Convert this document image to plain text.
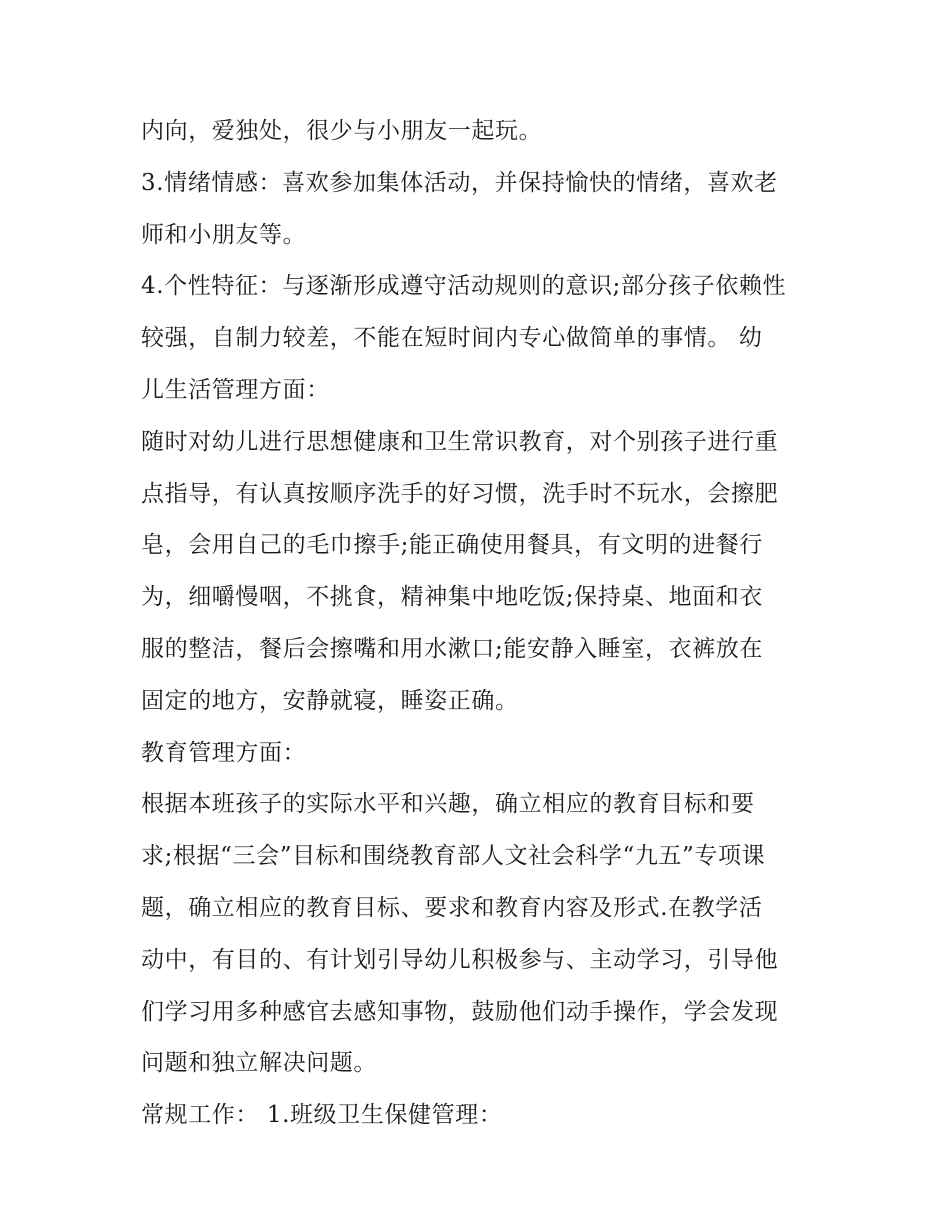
内向，爱独处，很少与小朋友一起玩。
3.情绪情感：喜欢参加集体活动，并保持愉快的情绪，喜欢老
师和小朋友等。
4.个性特征：与逐渐形成遵守活动规则的意识;部分孩子依赖性
较强，自制力较差，不能在短时间内专心做简单的事情。 幼
儿生活管理方面：
随时对幼儿进行思想健康和卫生常识教育，对个别孩子进行重
点指导，有认真按顺序洗手的好习惯，洗手时不玩水，会擦肥
皂，会用自己的毛巾擦手;能正确使用餐具，有文明的进餐行
为，细嚼慢咽，不挑食，精神集中地吃饭;保持桌、地面和衣
服的整洁，餐后会擦嘴和用水漱口;能安静入睡室，衣裤放在
固定的地方，安静就寝，睡姿正确。
教育管理方面：
根据本班孩子的实际水平和兴趣，确立相应的教育目标和要
求;根据“三会”目标和围绕教育部人文社会科学“九五”专项课
题，确立相应的教育目标、要求和教育内容及形式.在教学活
动中，有目的、有计划引导幼儿积极参与、主动学习，引导他
们学习用多种感官去感知事物，鼓励他们动手操作，学会发现
问题和独立解决问题。
常规工作： 1.班级卫生保健管理：
